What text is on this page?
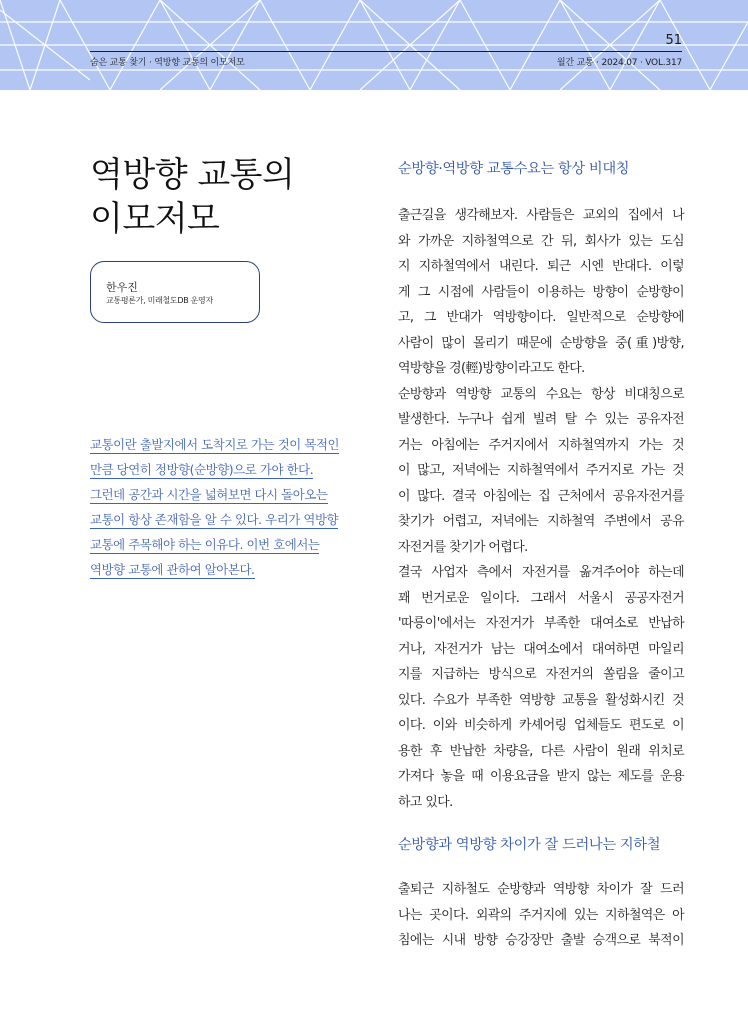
51
숨은 교통 찾기 · 역방향 교통의 이모저모	월간 교통 · 2024.07 · VOL.317
역방향 교통의
이모저모
한우진
교통평론가, 미래철도DB 운영자
교통이란 출발지에서 도착지로 가는 것이 목적인
만큼 당연히 정방향(순방향)으로 가야 한다.
그런데 공간과 시간을 넓혀보면 다시 돌아오는
교통이 항상 존재함을 알 수 있다. 우리가 역방향
교통에 주목해야 하는 이유다. 이번 호에서는
역방향 교통에 관하여 알아본다.
순방향·역방향 교통수요는 항상 비대칭
출근길을 생각해보자. 사람들은 교외의 집에서 나
와 가까운 지하철역으로 간 뒤, 회사가 있는 도심
지 지하철역에서 내린다. 퇴근 시엔 반대다. 이렇
게 그 시점에 사람들이 이용하는 방향이 순방향이
고, 그 반대가 역방향이다. 일반적으로 순방향에
사람이 많이 몰리기 때문에 순방향을 중(重)방향,
역방향을 경(輕)방향이라고도 한다.
순방향과 역방향 교통의 수요는 항상 비대칭으로
발생한다. 누구나 쉽게 빌려 탈 수 있는 공유자전
거는 아침에는 주거지에서 지하철역까지 가는 것
이 많고, 저녁에는 지하철역에서 주거지로 가는 것
이 많다. 결국 아침에는 집 근처에서 공유자전거를
찾기가 어렵고, 저녁에는 지하철역 주변에서 공유
자전거를 찾기가 어렵다.
결국 사업자 측에서 자전거를 옮겨주어야 하는데
꽤 번거로운 일이다. 그래서 서울시 공공자전거
'따릉이'에서는 자전거가 부족한 대여소로 반납하
거나, 자전거가 남는 대여소에서 대여하면 마일리
지를 지급하는 방식으로 자전거의 쏠림을 줄이고
있다. 수요가 부족한 역방향 교통을 활성화시킨 것
이다. 이와 비슷하게 카셰어링 업체들도 편도로 이
용한 후 반납한 차량을, 다른 사람이 원래 위치로
가져다 놓을 때 이용요금을 받지 않는 제도를 운용
하고 있다.
순방향과 역방향 차이가 잘 드러나는 지하철
출퇴근 지하철도 순방향과 역방향 차이가 잘 드러
나는 곳이다. 외곽의 주거지에 있는 지하철역은 아
침에는 시내 방향 승강장만 출발 승객으로 북적이
